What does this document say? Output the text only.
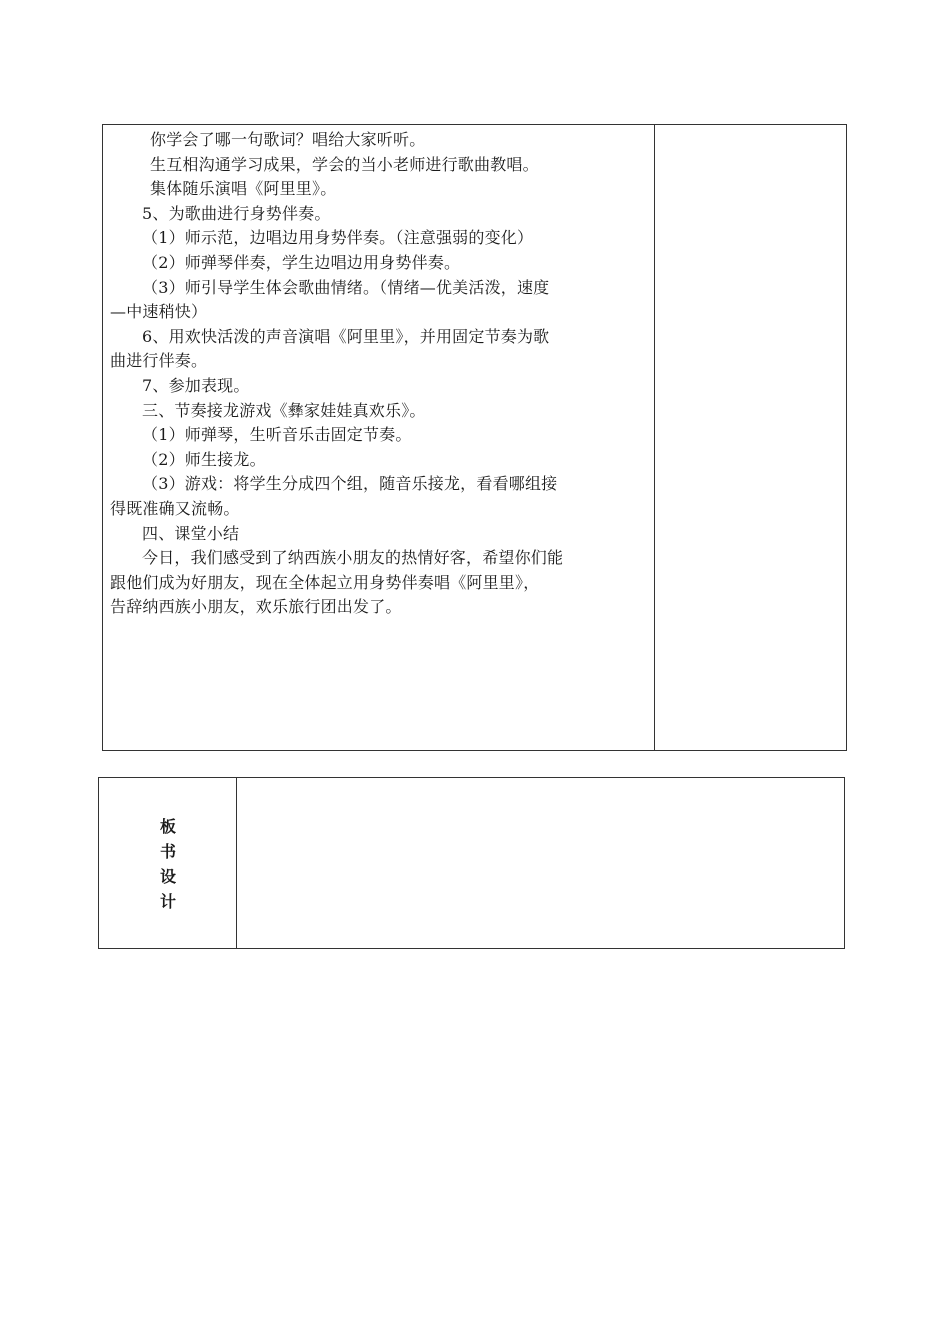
你学会了哪一句歌词？唱给大家听听。

生互相沟通学习成果，学会的当小老师进行歌曲教唱。

集体随乐演唱《阿里里》。

5、为歌曲进行身势伴奏。

（1）师示范，边唱边用身势伴奏。（注意强弱的变化）

（2）师弹琴伴奏，学生边唱边用身势伴奏。

（3）师引导学生体会歌曲情绪。（情绪—优美活泼，速度

—中速稍快）

6、用欢快活泼的声音演唱《阿里里》，并用固定节奏为歌

曲进行伴奏。

7、参加表现。

三、节奏接龙游戏《彝家娃娃真欢乐》。

（1）师弹琴，生听音乐击固定节奏。

（2）师生接龙。

（3）游戏：将学生分成四个组，随音乐接龙，看看哪组接

得既准确又流畅。

四、课堂小结

今日，我们感受到了纳西族小朋友的热情好客，希望你们能

跟他们成为好朋友，现在全体起立用身势伴奏唱《阿里里》，

告辞纳西族小朋友，欢乐旅行团出发了。

板
书
设
计
